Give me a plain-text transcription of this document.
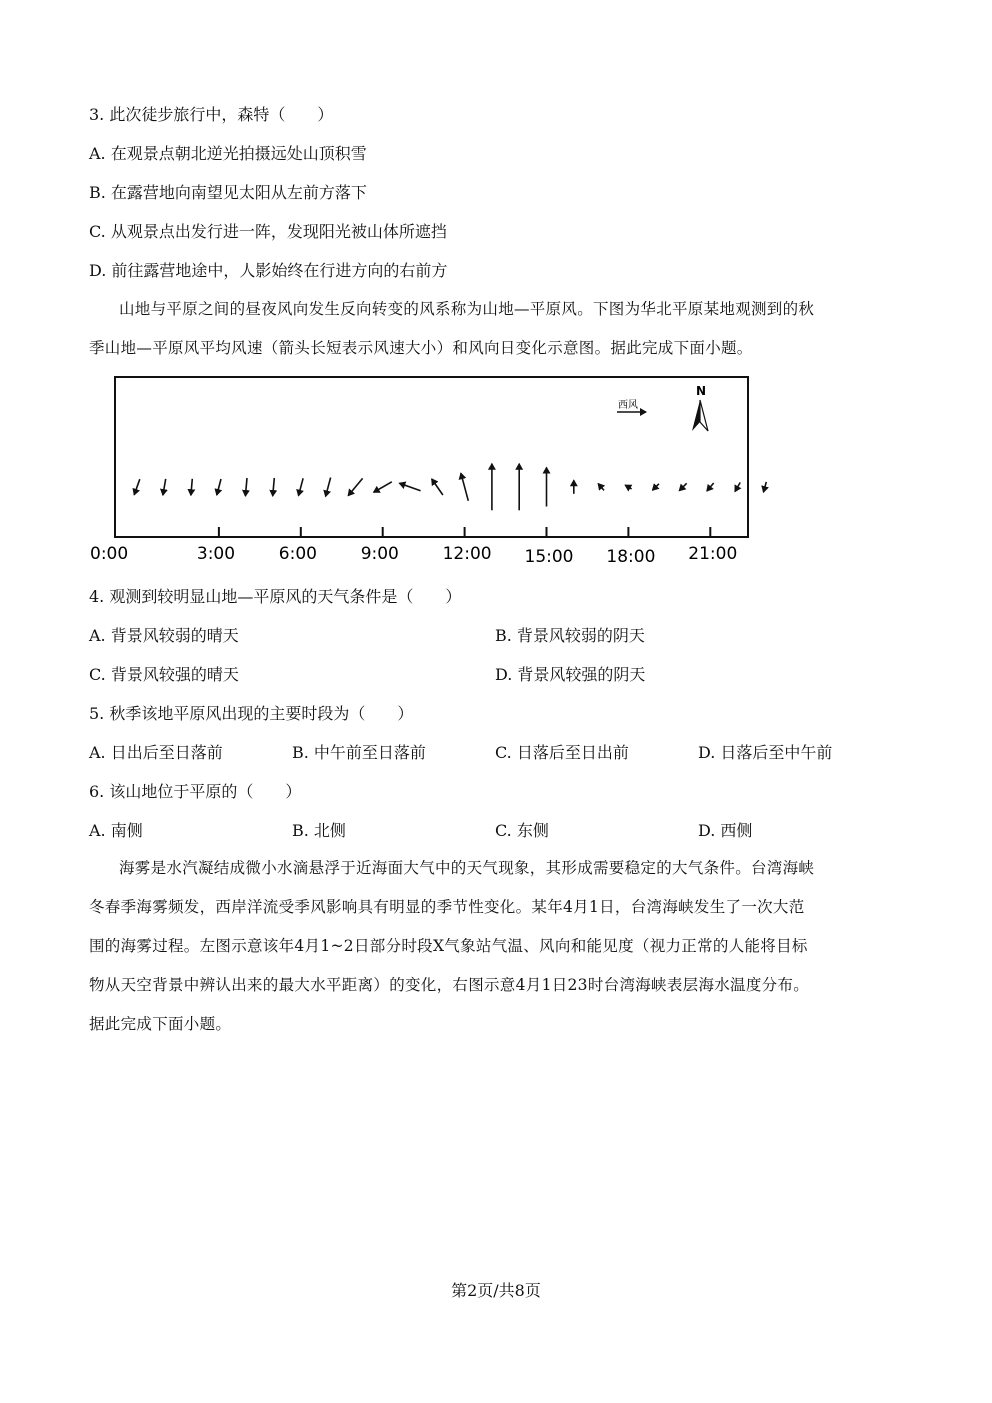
3. 此次徒步旅行中，森特（　　）
A. 在观景点朝北逆光拍摄远处山顶积雪
B. 在露营地向南望见太阳从左前方落下
C. 从观景点出发行进一阵，发现阳光被山体所遮挡
D. 前往露营地途中，人影始终在行进方向的右前方
山地与平原之间的昼夜风向发生反向转变的风系称为山地—平原风。下图为华北平原某地观测到的秋
季山地—平原风平均风速（箭头长短表示风速大小）和风向日变化示意图。据此完成下面小题。
0:00	3:00	6:00	9:00	12:00 15:00 18:00 21:00
西风
N
4. 观测到较明显山地—平原风的天气条件是（　　）
A. 背景风较弱的晴天	B. 背景风较弱的阴天
C. 背景风较强的晴天	D. 背景风较强的阴天
5. 秋季该地平原风出现的主要时段为（　　）
A. 日出后至日落前	B. 中午前至日落前	C. 日落后至日出前	D. 日落后至中午前
6. 该山地位于平原的（　　）
A. 南侧	B. 北侧	C. 东侧	D. 西侧
海雾是水汽凝结成微小水滴悬浮于近海面大气中的天气现象，其形成需要稳定的大气条件。台湾海峡
冬春季海雾频发，西岸洋流受季风影响具有明显的季节性变化。某年4月1日，台湾海峡发生了一次大范
围的海雾过程。左图示意该年4月1~2日部分时段X气象站气温、风向和能见度（视力正常的人能将目标
物从天空背景中辨认出来的最大水平距离）的变化，右图示意4月1日23时台湾海峡表层海水温度分布。
据此完成下面小题。
第2页/共8页
